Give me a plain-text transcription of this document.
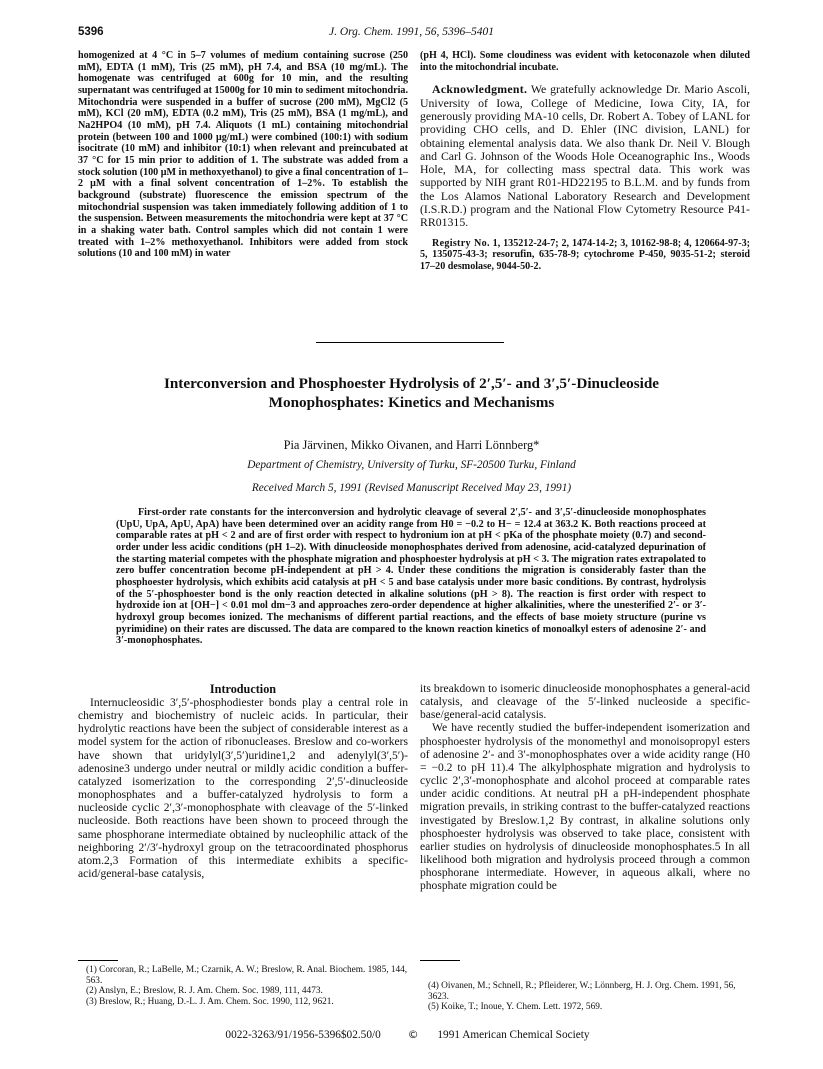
5396	J. Org. Chem. 1991, 56, 5396–5401
homogenized at 4 °C in 5–7 volumes of medium containing sucrose (250 mM), EDTA (1 mM), Tris (25 mM), pH 7.4, and BSA (10 mg/mL). The homogenate was centrifuged at 600g for 10 min, and the resulting supernatant was centrifuged at 15000g for 10 min to sediment mitochondria. Mitochondria were suspended in a buffer of sucrose (200 mM), MgCl2 (5 mM), KCl (20 mM), EDTA (0.2 mM), Tris (25 mM), BSA (1 mg/mL), and Na2HPO4 (10 mM), pH 7.4. Aliquots (1 mL) containing mitochondrial protein (between 100 and 1000 μg/mL) were combined (100:1) with sodium isocitrate (10 mM) and inhibitor (10:1) when relevant and preincubated at 37 °C for 15 min prior to addition of 1. The substrate was added from a stock solution (100 μM in methoxyethanol) to give a final concentration of 1–2 μM with a final solvent concentration of 1–2%. To establish the background (substrate) fluorescence the emission spectrum of the mitochondrial suspension was taken immediately following addition of 1 to the suspension. Between measurements the mitochondria were kept at 37 °C in a shaking water bath. Control samples which did not contain 1 were treated with 1–2% methoxyethanol. Inhibitors were added from stock solutions (10 and 100 mM) in water

(pH 4, HCl). Some cloudiness was evident with ketoconazole when diluted into the mitochondrial incubate.

Acknowledgment. We gratefully acknowledge Dr. Mario Ascoli, University of Iowa, College of Medicine, Iowa City, IA, for generously providing MA-10 cells, Dr. Robert A. Tobey of LANL for providing CHO cells, and D. Ehler (INC division, LANL) for obtaining elemental analysis data. We also thank Dr. Neil V. Blough and Carl G. Johnson of the Woods Hole Oceanographic Ins., Woods Hole, MA, for collecting mass spectral data. This work was supported by NIH grant R01-HD22195 to B.L.M. and by funds from the Los Alamos National Laboratory Research and Development (I.S.R.D.) program and the National Flow Cytometry Resource P41-RR01315.

Registry No. 1, 135212-24-7; 2, 1474-14-2; 3, 10162-98-8; 4, 120664-97-3; 5, 135075-43-3; resorufin, 635-78-9; cytochrome P-450, 9035-51-2; steroid 17–20 desmolase, 9044-50-2.

Interconversion and Phosphoester Hydrolysis of 2′,5′- and 3′,5′-Dinucleoside
Monophosphates: Kinetics and Mechanisms

Pia Järvinen, Mikko Oivanen, and Harri Lönnberg*

Department of Chemistry, University of Turku, SF-20500 Turku, Finland

Received March 5, 1991 (Revised Manuscript Received May 23, 1991)

First-order rate constants for the interconversion and hydrolytic cleavage of several 2′,5′- and 3′,5′-dinucleoside monophosphates (UpU, UpA, ApU, ApA) have been determined over an acidity range from H0 = −0.2 to H− = 12.4 at 363.2 K. Both reactions proceed at comparable rates at pH < 2 and are of first order with respect to hydronium ion at pH < pKa of the phosphate moiety (0.7) and second-order under less acidic conditions (pH 1–2). With dinucleoside monophosphates derived from adenosine, acid-catalyzed depurination of the starting material competes with the phosphate migration and phosphoester hydrolysis at pH < 3. The migration rates extrapolated to zero buffer concentration become pH-independent at pH > 4. Under these conditions the migration is considerably faster than the phosphoester hydrolysis, which exhibits acid catalysis at pH < 5 and base catalysis under more basic conditions. By contrast, hydrolysis of the 5′-phosphoester bond is the only reaction detected in alkaline solutions (pH > 8). The reaction is first order with respect to hydroxide ion at [OH−] < 0.01 mol dm−3 and approaches zero-order dependence at higher alkalinities, where the unesterified 2′- or 3′-hydroxyl group becomes ionized. The mechanisms of different partial reactions, and the effects of base moiety structure (purine vs pyrimidine) on their rates are discussed. The data are compared to the known reaction kinetics of monoalkyl esters of adenosine 2′- and 3′-monophosphates.

Introduction

Internucleosidic 3′,5′-phosphodiester bonds play a central role in chemistry and biochemistry of nucleic acids. In particular, their hydrolytic reactions have been the subject of considerable interest as a model system for the action of ribonucleases. Breslow and co-workers have shown that uridylyl(3′,5′)uridine1,2 and adenylyl(3′,5′)-adenosine3 undergo under neutral or mildly acidic condition a buffer-catalyzed isomerization to the corresponding 2′,5′-dinucleoside monophosphates and a buffer-catalyzed hydrolysis to form a nucleoside cyclic 2′,3′-monophosphate with cleavage of the 5′-linked nucleoside. Both reactions have been shown to proceed through the same phosphorane intermediate obtained by nucleophilic attack of the neighboring 2′/3′-hydroxyl group on the tetracoordinated phosphorus atom.2,3 Formation of this intermediate exhibits a specific-acid/general-base catalysis,

its breakdown to isomeric dinucleoside monophosphates a general-acid catalysis, and cleavage of the 5′-linked nucleoside a specific-base/general-acid catalysis.

We have recently studied the buffer-independent isomerization and phosphoester hydrolysis of the monomethyl and monoisopropyl esters of adenosine 2′- and 3′-monophosphates over a wide acidity range (H0 = −0.2 to pH 11).4 The alkylphosphate migration and hydrolysis to cyclic 2′,3′-monophosphate and alcohol proceed at comparable rates under acidic conditions. At neutral pH a pH-independent phosphate migration prevails, in striking contrast to the buffer-catalyzed reactions investigated by Breslow.1,2 By contrast, in alkaline solutions only phosphoester hydrolysis was observed to take place, consistent with earlier studies on hydrolysis of dinucleoside monophosphates.5 In all likelihood both migration and hydrolysis proceed through a common phosphorane intermediate. However, in aqueous alkali, where no phosphate migration could be

(1) Corcoran, R.; LaBelle, M.; Czarnik, A. W.; Breslow, R. Anal. Biochem. 1985, 144, 563.

(2) Anslyn, E.; Breslow, R. J. Am. Chem. Soc. 1989, 111, 4473.

(3) Breslow, R.; Huang, D.-L. J. Am. Chem. Soc. 1990, 112, 9621.

(4) Oivanen, M.; Schnell, R.; Pfleiderer, W.; Lönnberg, H. J. Org. Chem. 1991, 56, 3623.

(5) Koike, T.; Inoue, Y. Chem. Lett. 1972, 569.

0022-3263/91/1956-5396$02.50/0 © 1991 American Chemical Society
